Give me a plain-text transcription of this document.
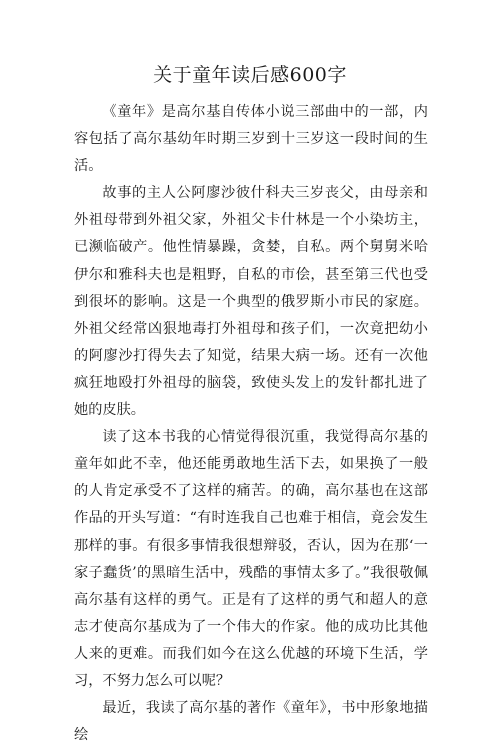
关于童年读后感600字

《童年》是高尔基自传体小说三部曲中的一部，内容包括了高尔基幼年时期三岁到十三岁这一段时间的生活。

故事的主人公阿廖沙彼什科夫三岁丧父，由母亲和外祖母带到外祖父家，外祖父卡什林是一个小染坊主，已濒临破产。他性情暴躁，贪婪，自私。两个舅舅米哈伊尔和雅科夫也是粗野，自私的市侩，甚至第三代也受到很坏的影响。这是一个典型的俄罗斯小市民的家庭。外祖父经常凶狠地毒打外祖母和孩子们，一次竟把幼小的阿廖沙打得失去了知觉，结果大病一场。还有一次他疯狂地殴打外祖母的脑袋，致使头发上的发针都扎进了她的皮肤。

读了这本书我的心情觉得很沉重，我觉得高尔基的童年如此不幸，他还能勇敢地生活下去，如果换了一般的人肯定承受不了这样的痛苦。的确，高尔基也在这部作品的开头写道：“有时连我自己也难于相信，竟会发生那样的事。有很多事情我很想辩驳，否认，因为在那‘一家子蠢货’的黑暗生活中，残酷的事情太多了。”我很敬佩高尔基有这样的勇气。正是有了这样的勇气和超人的意志才使高尔基成为了一个伟大的作家。他的成功比其他人来的更难。而我们如今在这么优越的环境下生活，学习，不努力怎么可以呢？

最近，我读了高尔基的著作《童年》，书中形象地描绘
